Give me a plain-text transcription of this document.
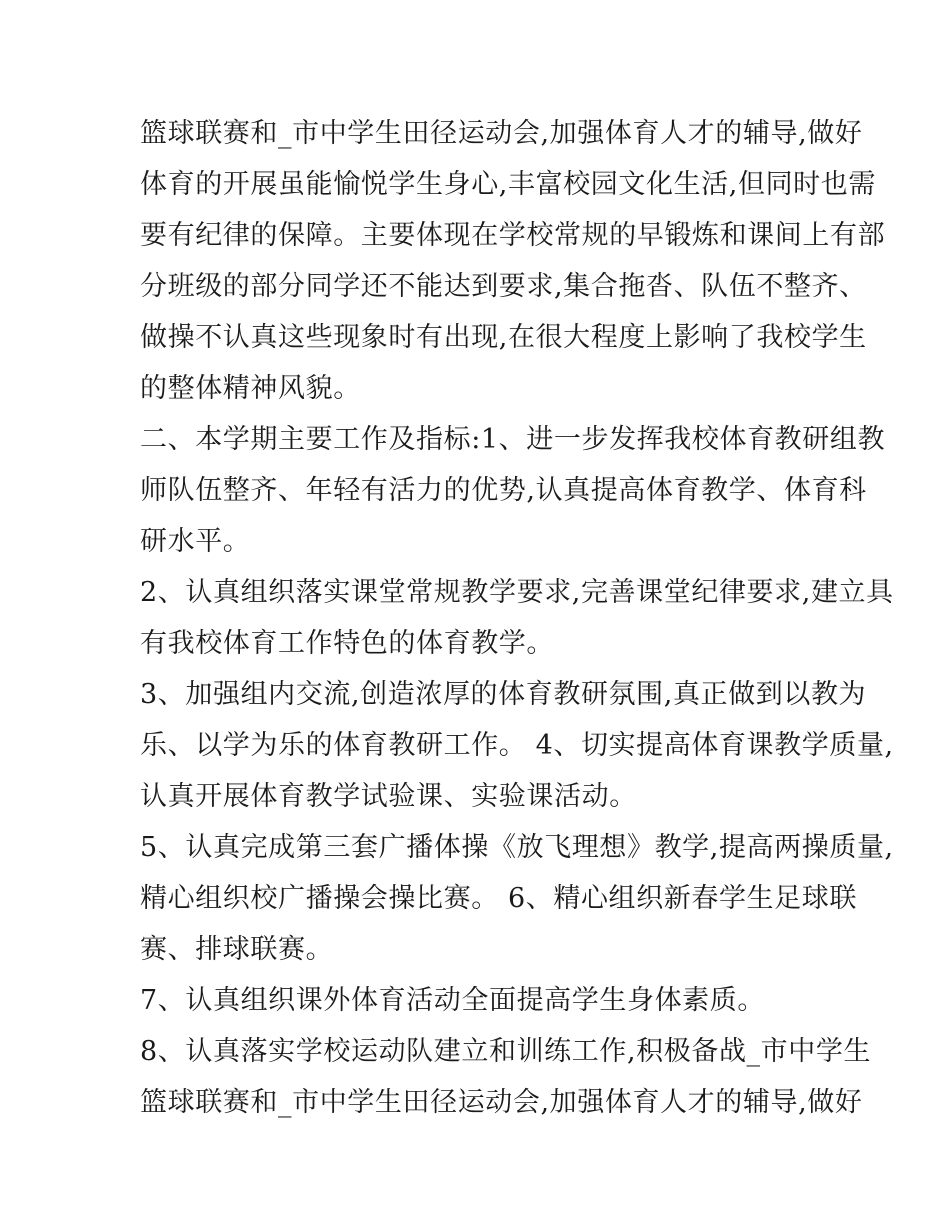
篮球联赛和_市中学生田径运动会,加强体育人才的辅导,做好
体育的开展虽能愉悦学生身心,丰富校园文化生活,但同时也需
要有纪律的保障。主要体现在学校常规的早锻炼和课间上有部
分班级的部分同学还不能达到要求,集合拖沓、队伍不整齐、
做操不认真这些现象时有出现,在很大程度上影响了我校学生
的整体精神风貌。
二、本学期主要工作及指标:1、进一步发挥我校体育教研组教
师队伍整齐、年轻有活力的优势,认真提高体育教学、体育科
研水平。
2、认真组织落实课堂常规教学要求,完善课堂纪律要求,建立具
有我校体育工作特色的体育教学。
3、加强组内交流,创造浓厚的体育教研氛围,真正做到以教为
乐、以学为乐的体育教研工作。 4、切实提高体育课教学质量,
认真开展体育教学试验课、实验课活动。
5、认真完成第三套广播体操《放飞理想》教学,提高两操质量,
精心组织校广播操会操比赛。 6、精心组织新春学生足球联
赛、排球联赛。
7、认真组织课外体育活动全面提高学生身体素质。
8、认真落实学校运动队建立和训练工作,积极备战_市中学生
篮球联赛和_市中学生田径运动会,加强体育人才的辅导,做好
